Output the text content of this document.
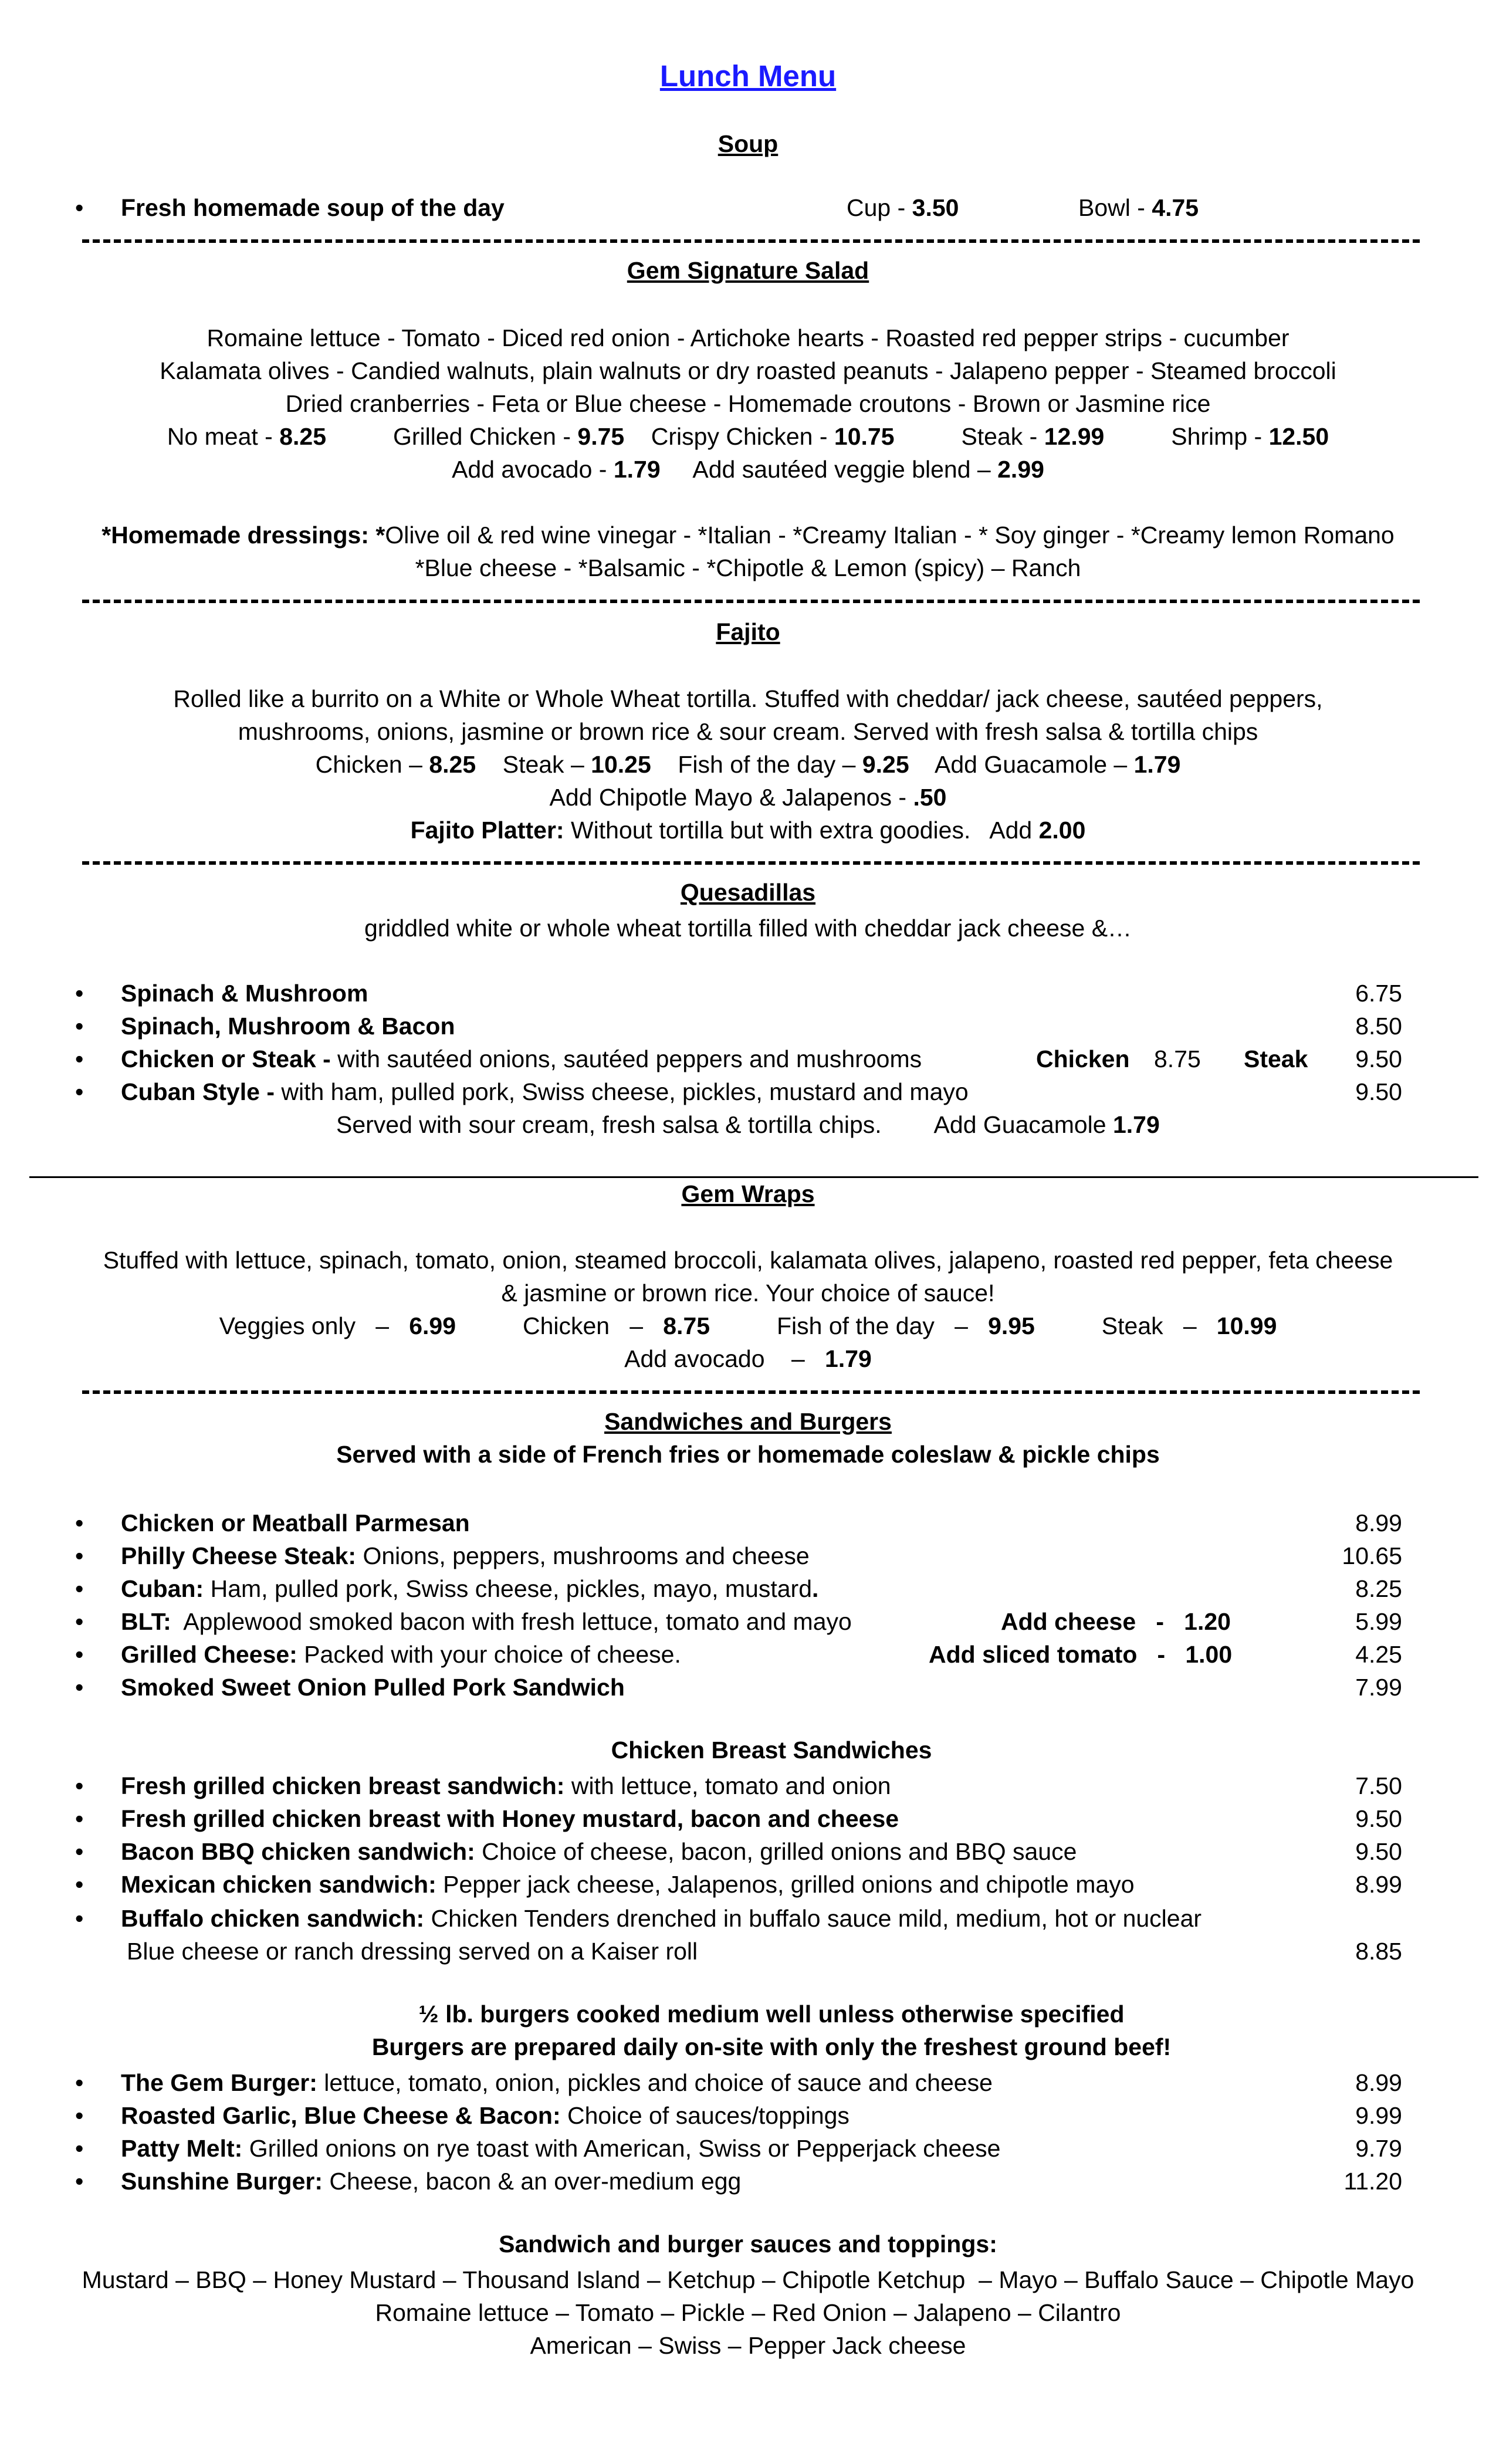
Lunch Menu
Soup
• Fresh homemade soup of the day	Cup - 3.50	Bowl - 4.75
Gem Signature Salad
Romaine lettuce - Tomato - Diced red onion - Artichoke hearts - Roasted red pepper strips - cucumber
Kalamata olives - Candied walnuts, plain walnuts or dry roasted peanuts - Jalapeno pepper - Steamed broccoli
Dried cranberries - Feta or Blue cheese - Homemade croutons - Brown or Jasmine rice
No meat - 8.25	Grilled Chicken - 9.75 Crispy Chicken - 10.75	Steak - 12.99	Shrimp - 12.50
Add avocado - 1.79 Add sautéed veggie blend – 2.99
*Homemade dressings: *Olive oil & red wine vinegar - *Italian - *Creamy Italian - * Soy ginger - *Creamy lemon Romano
*Blue cheese - *Balsamic - *Chipotle & Lemon (spicy) – Ranch
Fajito
Rolled like a burrito on a White or Whole Wheat tortilla. Stuffed with cheddar/ jack cheese, sautéed peppers,
mushrooms, onions, jasmine or brown rice & sour cream. Served with fresh salsa & tortilla chips
Chicken – 8.25 Steak – 10.25 Fish of the day – 9.25 Add Guacamole – 1.79
Add Chipotle Mayo & Jalapenos - .50
Fajito Platter: Without tortilla but with extra goodies.   Add 2.00
Quesadillas
griddled white or whole wheat tortilla filled with cheddar jack cheese &…
• Spinach & Mushroom	6.75
• Spinach, Mushroom & Bacon	8.50
• Chicken or Steak - with sautéed onions, sautéed peppers and mushrooms	Chicken 8.75 Steak 9.50
• Cuban Style - with ham, pulled pork, Swiss cheese, pickles, mustard and mayo	9.50
Served with sour cream, fresh salsa & tortilla chips.        Add Guacamole 1.79
Gem Wraps
Stuffed with lettuce, spinach, tomato, onion, steamed broccoli, kalamata olives, jalapeno, roasted red pepper, feta cheese
& jasmine or brown rice. Your choice of sauce!
Veggies only   –   6.99	Chicken   –   8.75	Fish of the day   –   9.95	Steak   –   10.99
Add avocado    –   1.79
Sandwiches and Burgers
Served with a side of French fries or homemade coleslaw & pickle chips
• Chicken or Meatball Parmesan	8.99
• Philly Cheese Steak: Onions, peppers, mushrooms and cheese	10.65
• Cuban: Ham, pulled pork, Swiss cheese, pickles, mayo, mustard.	8.25
• BLT:  Applewood smoked bacon with fresh lettuce, tomato and mayo	Add cheese   -   1.20	5.99
• Grilled Cheese: Packed with your choice of cheese.	Add sliced tomato   -   1.00	4.25
• Smoked Sweet Onion Pulled Pork Sandwich	7.99
Chicken Breast Sandwiches
• Fresh grilled chicken breast sandwich: with lettuce, tomato and onion	7.50
• Fresh grilled chicken breast with Honey mustard, bacon and cheese	9.50
• Bacon BBQ chicken sandwich: Choice of cheese, bacon, grilled onions and BBQ sauce	9.50
• Mexican chicken sandwich: Pepper jack cheese, Jalapenos, grilled onions and chipotle mayo	8.99
• Buffalo chicken sandwich: Chicken Tenders drenched in buffalo sauce mild, medium, hot or nuclear
Blue cheese or ranch dressing served on a Kaiser roll	8.85
½ lb. burgers cooked medium well unless otherwise specified
Burgers are prepared daily on-site with only the freshest ground beef!
• The Gem Burger: lettuce, tomato, onion, pickles and choice of sauce and cheese	8.99
• Roasted Garlic, Blue Cheese & Bacon: Choice of sauces/toppings	9.99
• Patty Melt: Grilled onions on rye toast with American, Swiss or Pepperjack cheese	9.79
• Sunshine Burger: Cheese, bacon & an over-medium egg	11.20
Sandwich and burger sauces and toppings:
Mustard – BBQ – Honey Mustard – Thousand Island – Ketchup – Chipotle Ketchup  – Mayo – Buffalo Sauce – Chipotle Mayo
Romaine lettuce – Tomato – Pickle – Red Onion – Jalapeno – Cilantro
American – Swiss – Pepper Jack cheese
